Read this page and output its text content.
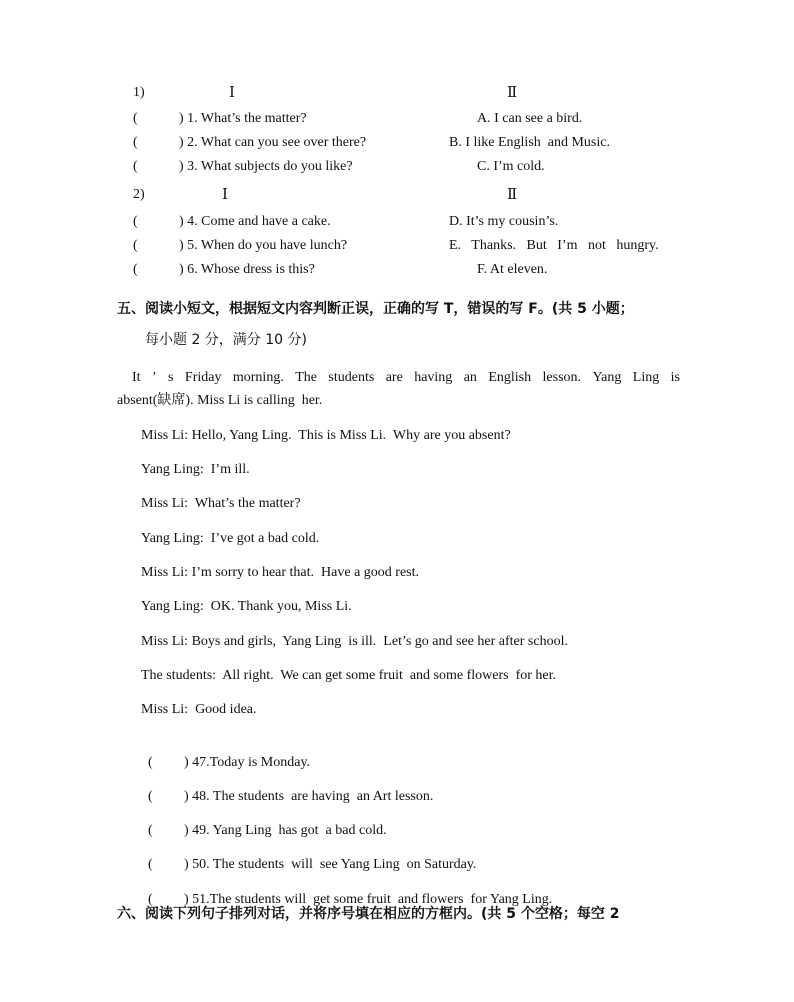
1)	Ⅰ	Ⅱ
(	) 1. What’s the matter?	A. I can see a bird.
(	) 2. What can you see over there?	B. I like English  and Music.
(	) 3. What subjects do you like?	C. I’m cold.
2)	Ⅰ	Ⅱ
(	) 4. Come and have a cake.	D. It’s my cousin’s.
(	) 5. When do you have lunch?	E.   Thanks.   But   I’m   not   hungry.
(	) 6. Whose dress is this?	F. At eleven.
五、阅读小短文，根据短文内容判断正误，正确的写 T，错误的写 F。(共 5 小题；
每小题 2 分，满分 10 分)
It ’ s Friday morning. The students are having an English lesson. Yang Ling is
absent(缺席). Miss Li is calling  her.
Miss Li: Hello, Yang Ling.  This is Miss Li.  Why are you absent?
Yang Ling:  I’m ill.
Miss Li:  What’s the matter?
Yang Ling:  I’ve got a bad cold.
Miss Li: I’m sorry to hear that.  Have a good rest.
Yang Ling:  OK. Thank you, Miss Li.
Miss Li: Boys and girls,  Yang Ling  is ill.  Let’s go and see her after school.
The students:  All right.  We can get some fruit  and some flowers  for her.
Miss Li:  Good idea.

( ) 47.Today is Monday.

( ) 48. The students  are having  an Art lesson.

( ) 49. Yang Ling  has got  a bad cold.

( ) 50. The students  will  see Yang Ling  on Saturday.

( ) 51.The students will  get some fruit  and flowers  for Yang Ling.

六、阅读下列句子排列对话，并将序号填在相应的方框内。(共 5 个空格；每空 2
